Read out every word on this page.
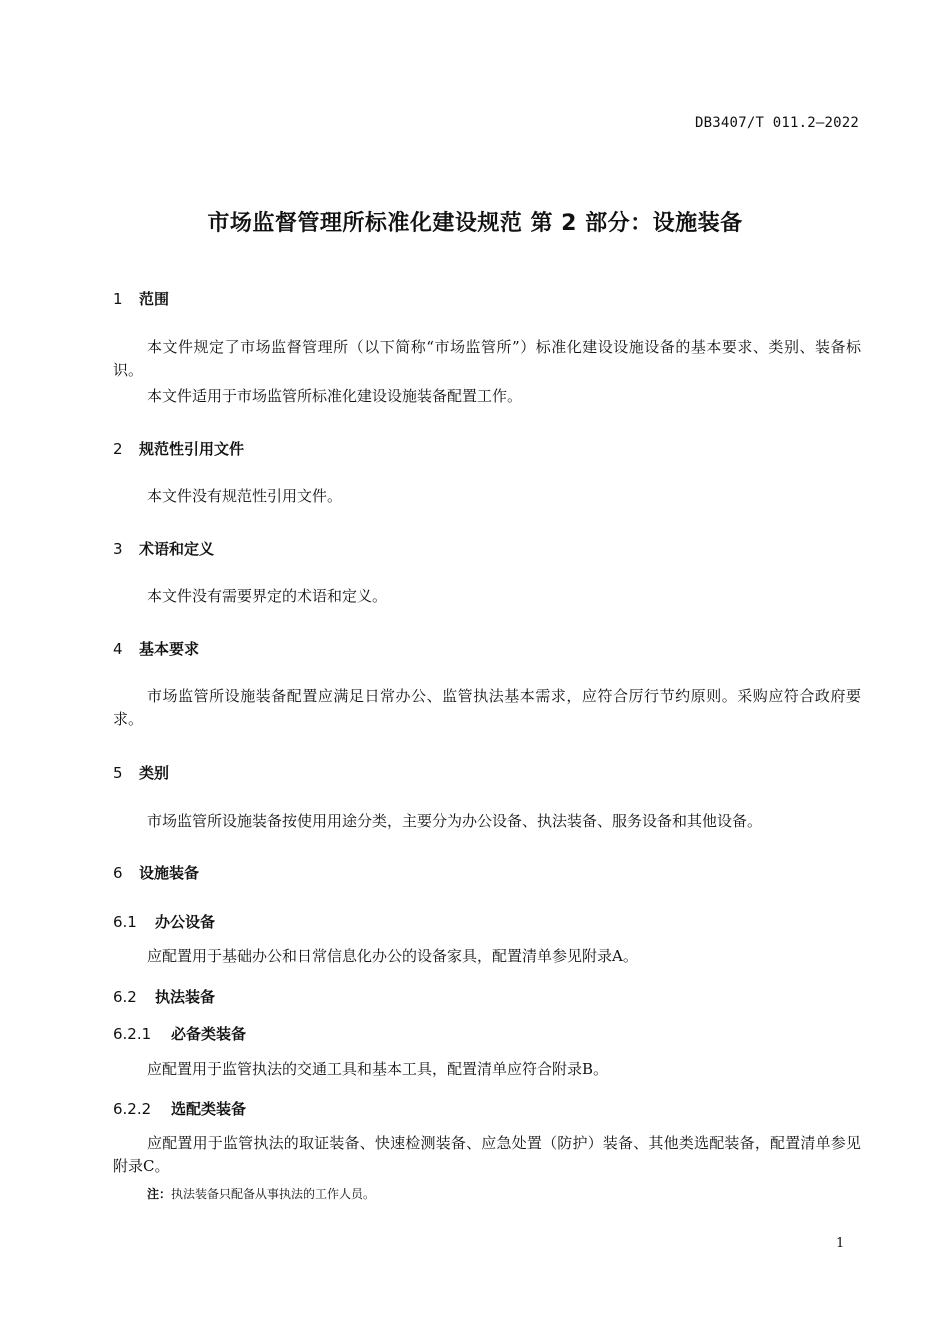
DB3407/T 011.2—2022
市场监督管理所标准化建设规范 第 2 部分：设施装备
1 范围
本文件规定了市场监督管理所（以下简称“市场监管所”）标准化建设设施设备的基本要求、类别、装备标识。
本文件适用于市场监管所标准化建设设施装备配置工作。
2 规范性引用文件
本文件没有规范性引用文件。
3 术语和定义
本文件没有需要界定的术语和定义。
4 基本要求
市场监管所设施装备配置应满足日常办公、监管执法基本需求，应符合厉行节约原则。采购应符合政府要求。
5 类别
市场监管所设施装备按使用用途分类，主要分为办公设备、执法装备、服务设备和其他设备。
6 设施装备
6.1 办公设备
应配置用于基础办公和日常信息化办公的设备家具，配置清单参见附录A。
6.2 执法装备
6.2.1 必备类装备
应配置用于监管执法的交通工具和基本工具，配置清单应符合附录B。
6.2.2 选配类装备
应配置用于监管执法的取证装备、快速检测装备、应急处置（防护）装备、其他类选配装备，配置清单参见附录C。
注：执法装备只配备从事执法的工作人员。
1
